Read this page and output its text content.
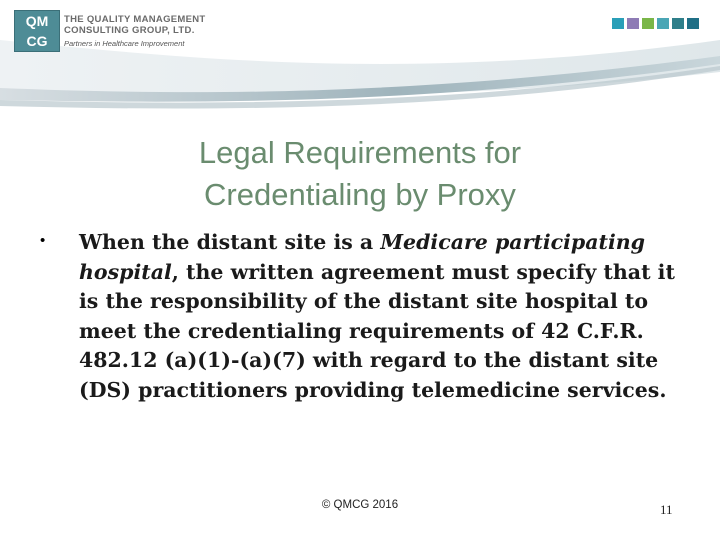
QM
CG
THE QUALITY MANAGEMENT
CONSULTING GROUP, LTD.
Partners in Healthcare Improvement
Legal Requirements for
Credentialing by Proxy
• When the distant site is a Medicare participating hospital, the written agreement must specify that it is the responsibility of the distant site hospital to meet the credentialing requirements of 42 C.F.R. 482.12 (a)(1)-(a)(7) with regard to the distant site (DS) practitioners providing telemedicine services.
© QMCG 2016	11
